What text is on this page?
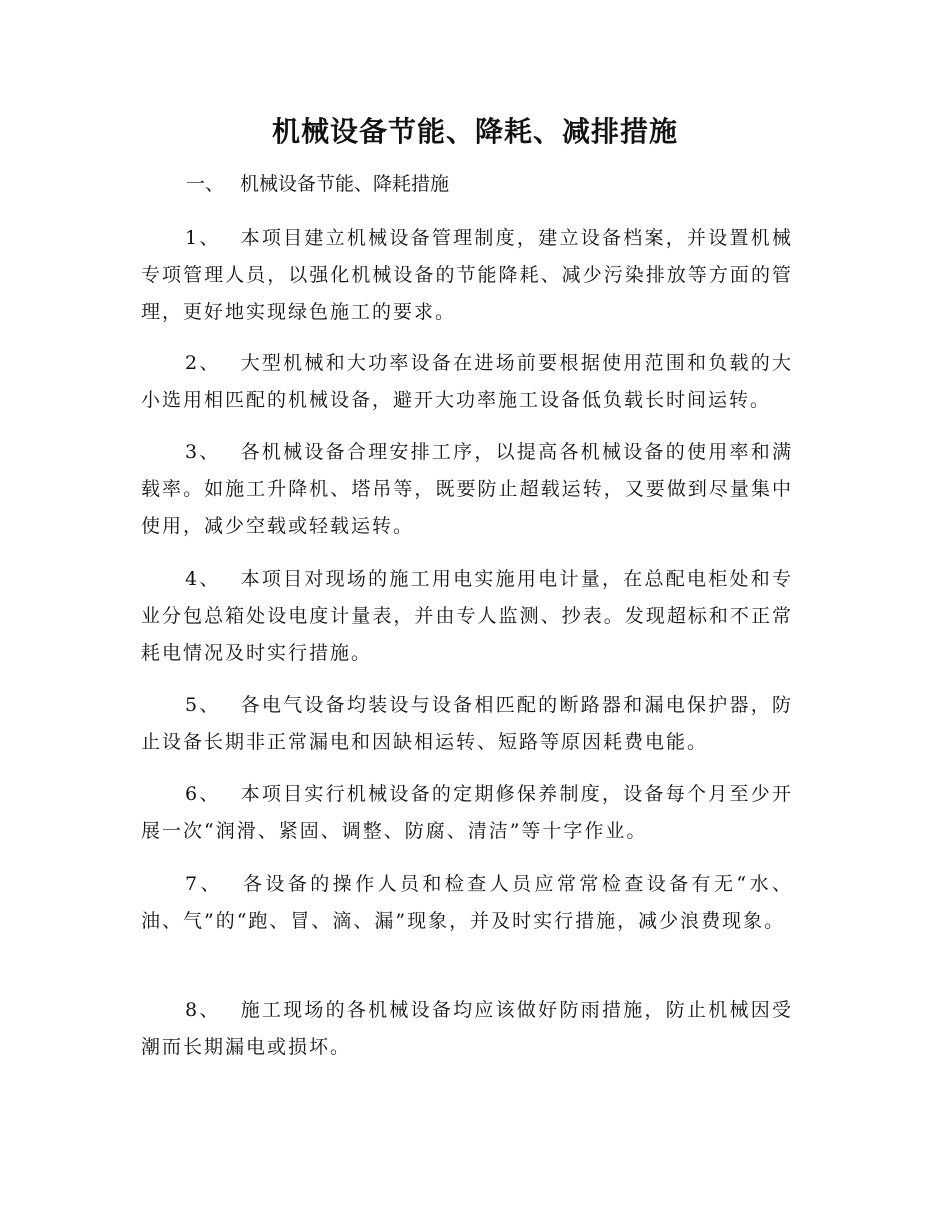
机械设备节能、降耗、减排措施

一、 机械设备节能、降耗措施

1、 本项目建立机械设备管理制度，建立设备档案，并设置机械专项管理人员，以强化机械设备的节能降耗、减少污染排放等方面的管理，更好地实现绿色施工的要求。

2、 大型机械和大功率设备在进场前要根据使用范围和负载的大小选用相匹配的机械设备，避开大功率施工设备低负载长时间运转。

3、 各机械设备合理安排工序，以提高各机械设备的使用率和满载率。如施工升降机、塔吊等，既要防止超载运转，又要做到尽量集中使用，减少空载或轻载运转。

4、 本项目对现场的施工用电实施用电计量，在总配电柜处和专业分包总箱处设电度计量表，并由专人监测、抄表。发现超标和不正常耗电情况及时实行措施。

5、 各电气设备均装设与设备相匹配的断路器和漏电保护器，防止设备长期非正常漏电和因缺相运转、短路等原因耗费电能。

6、 本项目实行机械设备的定期修保养制度，设备每个月至少开展一次“润滑、紧固、调整、防腐、清洁”等十字作业。

7、 各设备的操作人员和检查人员应常常检查设备有无“水、油、气”的“跑、冒、滴、漏”现象，并及时实行措施，减少浪费现象。

8、 施工现场的各机械设备均应该做好防雨措施，防止机械因受潮而长期漏电或损坏。
